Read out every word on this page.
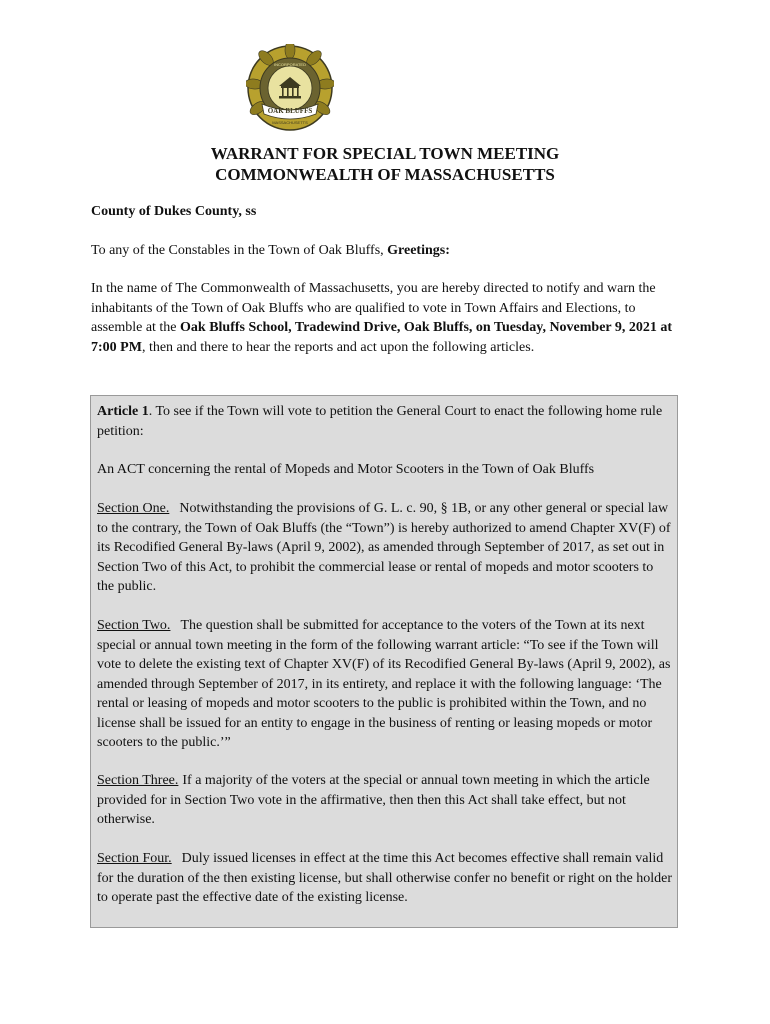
OAK BLUFFS
INCORPORATED
MASSACHUSETTS
WARRANT FOR SPECIAL TOWN MEETING
COMMONWEALTH OF MASSACHUSETTS
County of Dukes County, ss
To any of the Constables in the Town of Oak Bluffs, Greetings:
In the name of The Commonwealth of Massachusetts, you are hereby directed to notify and warn the inhabitants of the Town of Oak Bluffs who are qualified to vote in Town Affairs and Elections, to assemble at the Oak Bluffs School, Tradewind Drive, Oak Bluffs, on Tuesday, November 9, 2021 at 7:00 PM, then and there to hear the reports and act upon the following articles.
Article 1. To see if the Town will vote to petition the General Court to enact the following home rule petition:
An ACT concerning the rental of Mopeds and Motor Scooters in the Town of Oak Bluffs
Section One. Notwithstanding the provisions of G. L. c. 90, § 1B, or any other general or special law to the contrary, the Town of Oak Bluffs (the “Town”) is hereby authorized to amend Chapter XV(F) of its Recodified General By-laws (April 9, 2002), as amended through September of 2017, as set out in Section Two of this Act, to prohibit the commercial lease or rental of mopeds and motor scooters to the public.
Section Two. The question shall be submitted for acceptance to the voters of the Town at its next special or annual town meeting in the form of the following warrant article: “To see if the Town will vote to delete the existing text of Chapter XV(F) of its Recodified General By-laws (April 9, 2002), as amended through September of 2017, in its entirety, and replace it with the following language: ‘The rental or leasing of mopeds and motor scooters to the public is prohibited within the Town, and no license shall be issued for an entity to engage in the business of renting or leasing mopeds or motor scooters to the public.’”
Section Three. If a majority of the voters at the special or annual town meeting in which the article provided for in Section Two vote in the affirmative, then then this Act shall take effect, but not otherwise.
Section Four. Duly issued licenses in effect at the time this Act becomes effective shall remain valid for the duration of the then existing license, but shall otherwise confer no benefit or right on the holder to operate past the effective date of the existing license.
